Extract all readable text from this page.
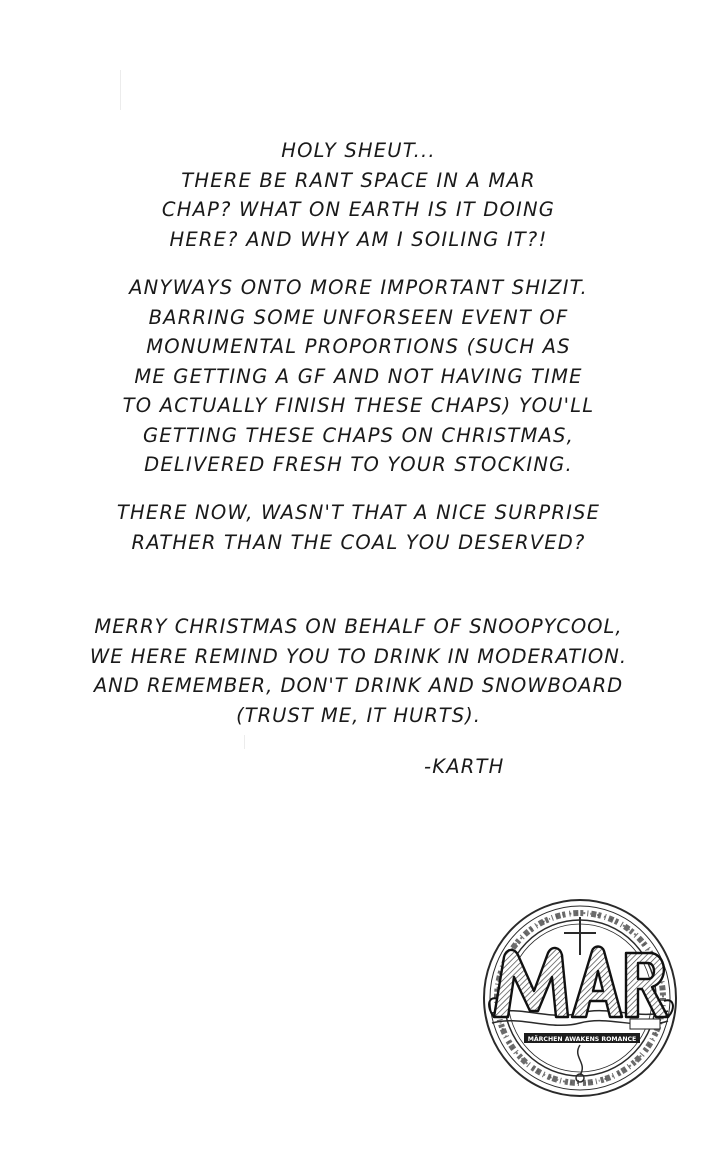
HOLY SHEUT...
THERE BE RANT SPACE IN A MAR
CHAP? WHAT ON EARTH IS IT DOING
HERE? AND WHY AM I SOILING IT?!
ANYWAYS ONTO MORE IMPORTANT SHIZIT.
BARRING SOME UNFORSEEN EVENT OF
MONUMENTAL PROPORTIONS (SUCH AS
ME GETTING A GF AND NOT HAVING TIME
TO ACTUALLY FINISH THESE CHAPS) YOU'LL
GETTING THESE CHAPS ON CHRISTMAS,
DELIVERED FRESH TO YOUR STOCKING.
THERE NOW, WASN'T THAT A NICE SURPRISE
RATHER THAN THE COAL YOU DESERVED?
MERRY CHRISTMAS ON BEHALF OF SNOOPYCOOL,
WE HERE REMIND YOU TO DRINK IN MODERATION.
AND REMEMBER, DON'T DRINK AND SNOWBOARD
(TRUST ME, IT HURTS).
-KARTH
MÄRCHEN AWAKENS ROMANCE
